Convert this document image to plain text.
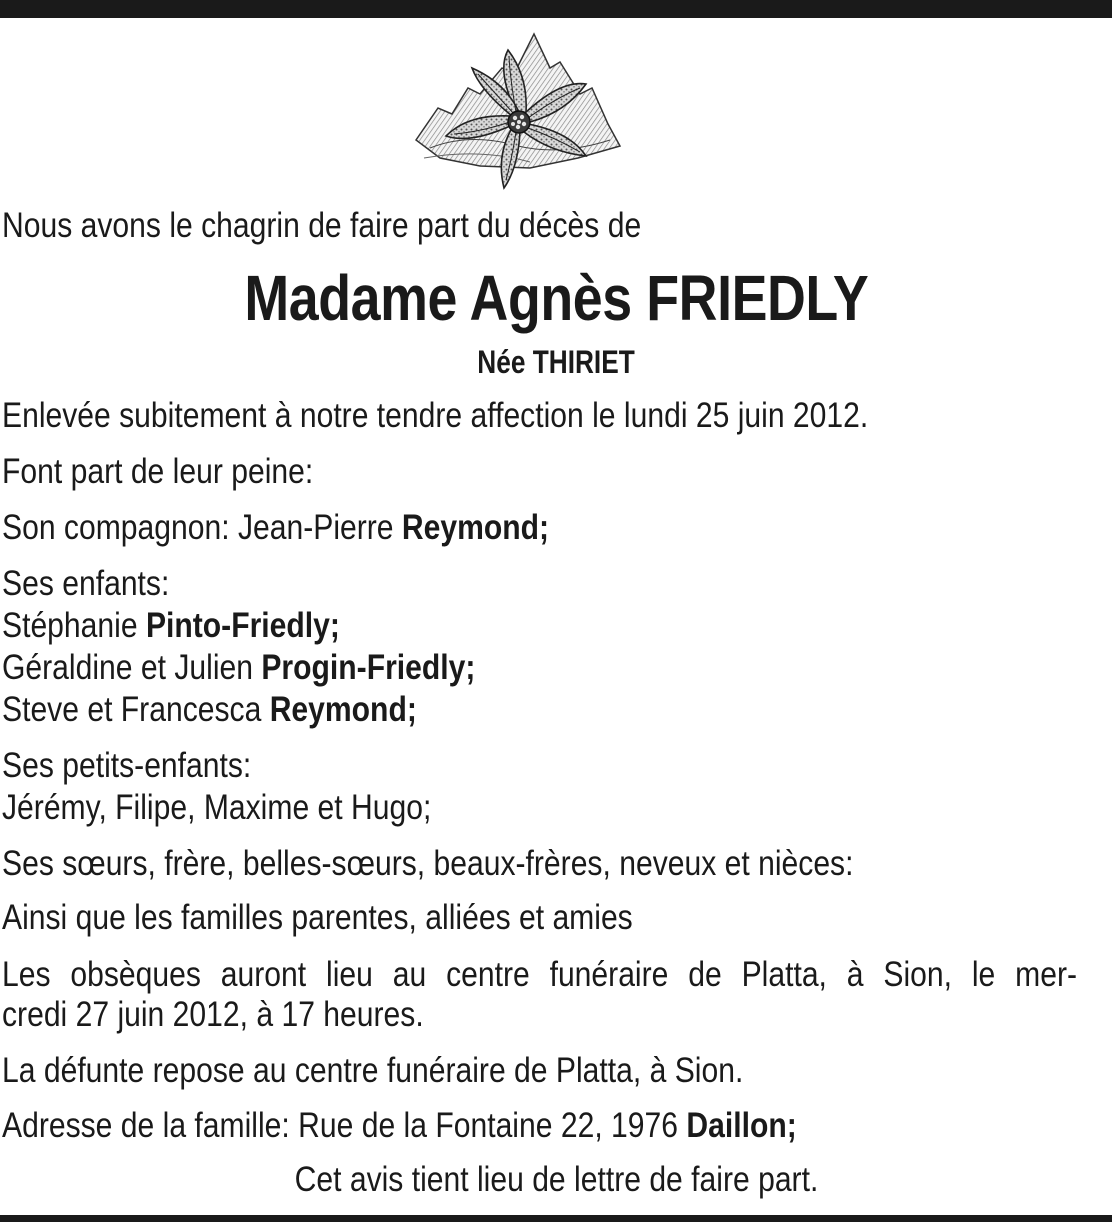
Nous avons le chagrin de faire part du décès de
Madame Agnès FRIEDLY
Née THIRIET
Enlevée subitement à notre tendre affection le lundi 25 juin 2012.
Font part de leur peine:
Son compagnon: Jean-Pierre Reymond;
Ses enfants:
Stéphanie Pinto-Friedly;
Géraldine et Julien Progin-Friedly;
Steve et Francesca Reymond;
Ses petits-enfants:
Jérémy, Filipe, Maxime et Hugo;
Ses sœurs, frère, belles-sœurs, beaux-frères, neveux et nièces:
Ainsi que les familles parentes, alliées et amies
Les obsèques auront lieu au centre funéraire de Platta, à Sion, le mer-
credi 27 juin 2012, à 17 heures.
La défunte repose au centre funéraire de Platta, à Sion.
Adresse de la famille: Rue de la Fontaine 22, 1976 Daillon;
Cet avis tient lieu de lettre de faire part.
